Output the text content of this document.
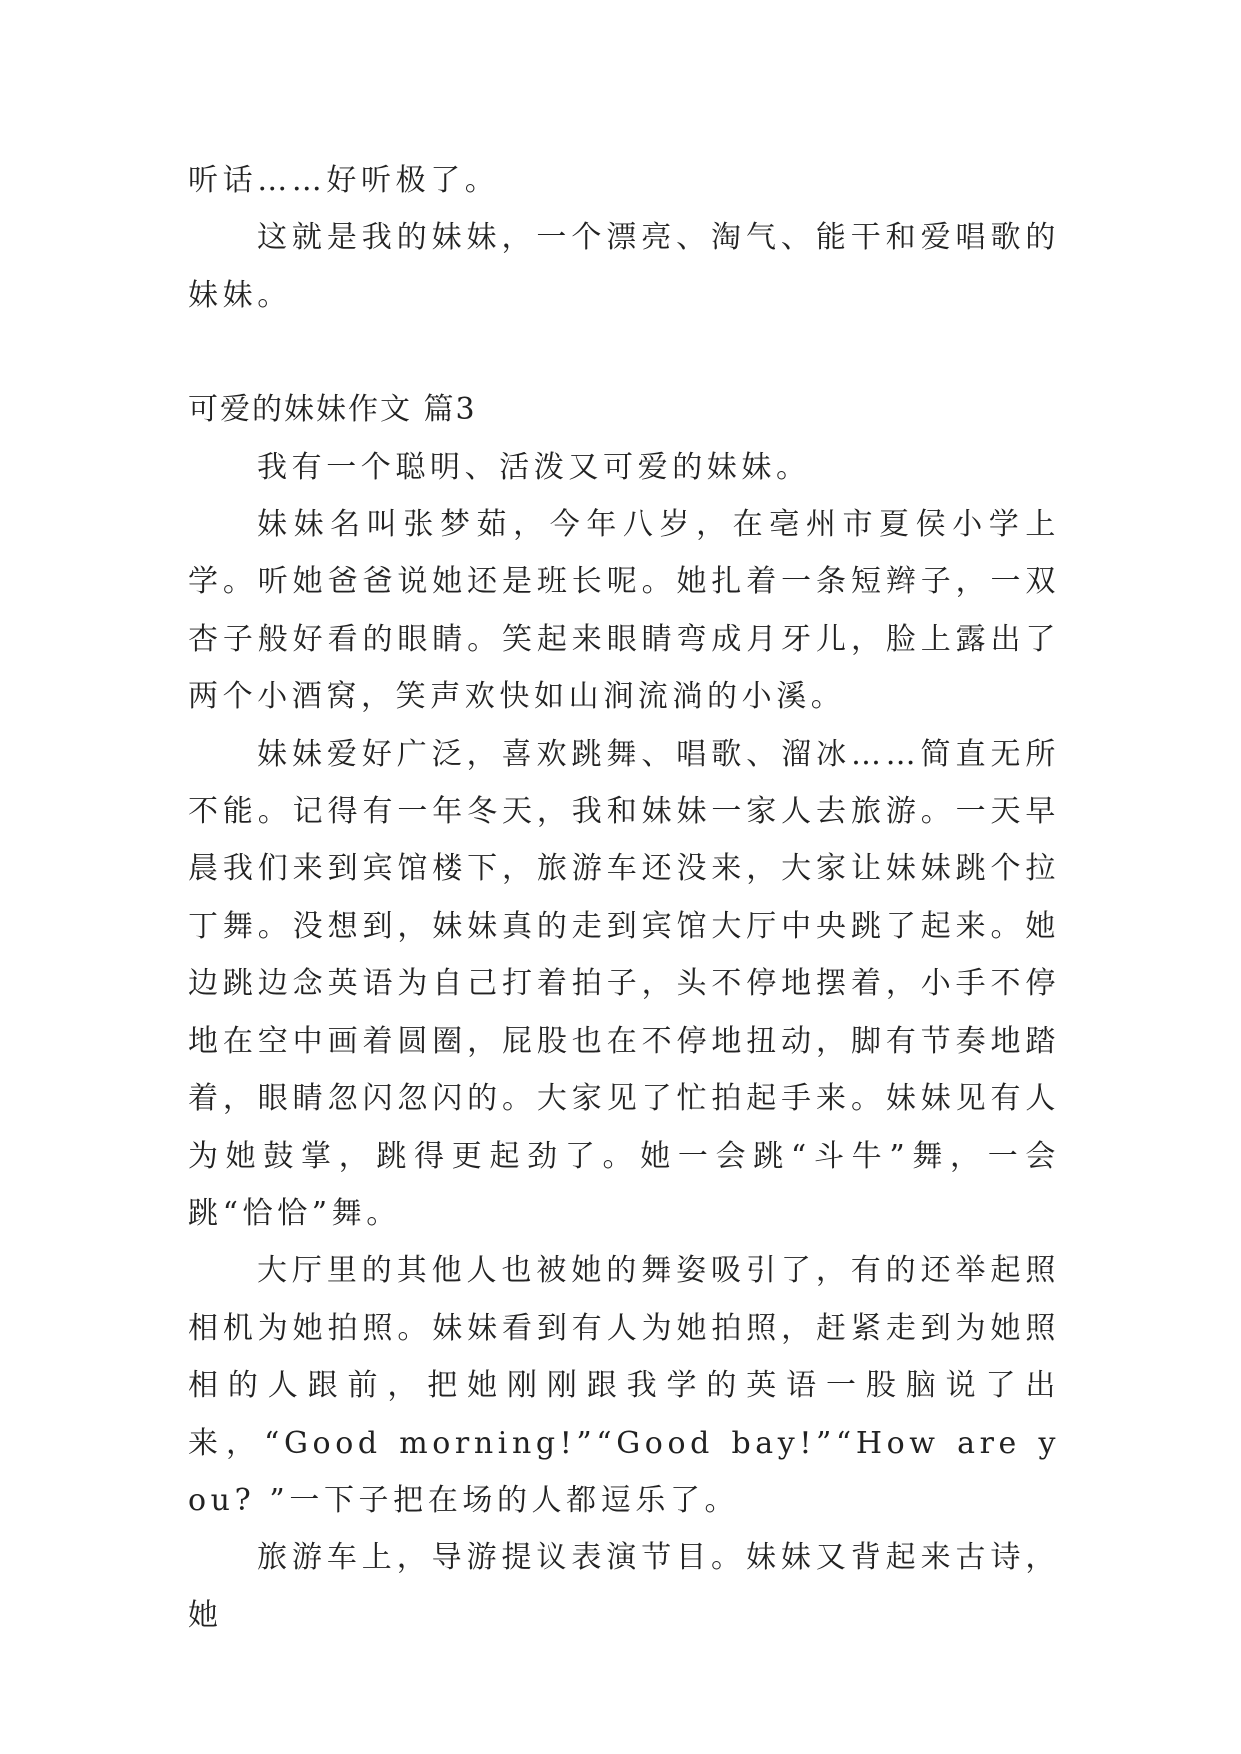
听话……好听极了。

这就是我的妹妹，一个漂亮、淘气、能干和爱唱歌的妹妹。

可爱的妹妹作文 篇3

我有一个聪明、活泼又可爱的妹妹。

妹妹名叫张梦茹，今年八岁，在亳州市夏侯小学上学。听她爸爸说她还是班长呢。她扎着一条短辫子，一双杏子般好看的眼睛。笑起来眼睛弯成月牙儿，脸上露出了两个小酒窝，笑声欢快如山涧流淌的小溪。

妹妹爱好广泛，喜欢跳舞、唱歌、溜冰……简直无所不能。记得有一年冬天，我和妹妹一家人去旅游。一天早晨我们来到宾馆楼下，旅游车还没来，大家让妹妹跳个拉丁舞。没想到，妹妹真的走到宾馆大厅中央跳了起来。她边跳边念英语为自己打着拍子，头不停地摆着，小手不停地在空中画着圆圈，屁股也在不停地扭动，脚有节奏地踏着，眼睛忽闪忽闪的。大家见了忙拍起手来。妹妹见有人为她鼓掌，跳得更起劲了。她一会跳“斗牛”舞，一会跳“恰恰”舞。

大厅里的其他人也被她的舞姿吸引了，有的还举起照相机为她拍照。妹妹看到有人为她拍照，赶紧走到为她照相的人跟前，把她刚刚跟我学的英语一股脑说了出来，“Good morning!”“Good bay!”“How are you? ”一下子把在场的人都逗乐了。

旅游车上，导游提议表演节目。妹妹又背起来古诗，她
